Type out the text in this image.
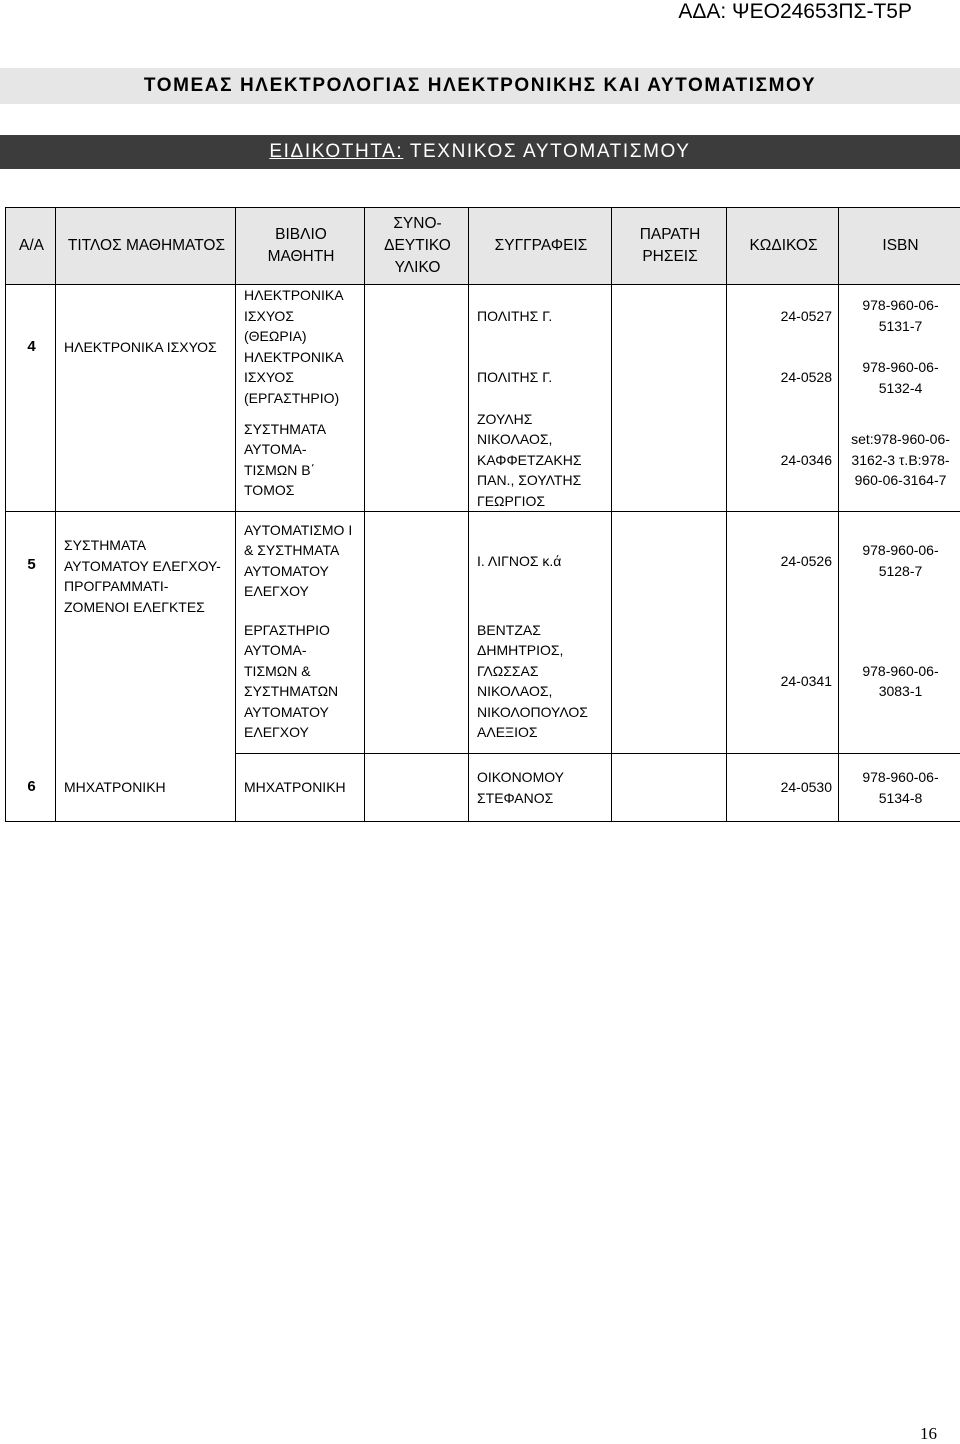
ΑΔΑ: ΨΕΟ24653ΠΣ-Τ5Ρ
ΤΟΜΕΑΣ ΗΛΕΚΤΡΟΛΟΓΙΑΣ ΗΛΕΚΤΡΟΝΙΚΗΣ ΚΑΙ ΑΥΤΟΜΑΤΙΣΜΟΥ
ΕΙΔΙΚΟΤΗΤΑ: ΤΕΧΝΙΚΟΣ ΑΥΤΟΜΑΤΙΣΜΟΥ
Α/Α	ΤΙΤΛΟΣ ΜΑΘΗΜΑΤΟΣ	ΒΙΒΛΙΟ ΜΑΘΗΤΗ	ΣΥΝΟ-ΔΕΥΤΙΚΟ ΥΛΙΚΟ	ΣΥΓΓΡΑΦΕΙΣ	ΠΑΡΑΤΗ ΡΗΣΕΙΣ	ΚΩΔΙΚΟΣ	ISBN
4	ΗΛΕΚΤΡΟΝΙΚΑ ΙΣΧΥΟΣ	ΗΛΕΚΤΡΟΝΙΚΑ ΙΣΧΥΟΣ (ΘΕΩΡΙΑ)		ΠΟΛΙΤΗΣ Γ.		24-0527	978-960-06-5131-7
		ΗΛΕΚΤΡΟΝΙΚΑ ΙΣΧΥΟΣ (ΕΡΓΑΣΤΗΡΙΟ)		ΠΟΛΙΤΗΣ Γ.		24-0528	978-960-06-5132-4
		ΣΥΣΤΗΜΑΤΑ ΑΥΤΟΜΑ-ΤΙΣΜΩΝ Β΄ ΤΟΜΟΣ		ΖΟΥΛΗΣ ΝΙΚΟΛΑΟΣ, ΚΑΦΦΕΤΖΑΚΗΣ ΠΑΝ., ΣΟΥΛΤΗΣ ΓΕΩΡΓΙΟΣ		24-0346	set:978-960-06-3162-3 τ.Β:978-960-06-3164-7
5	ΣΥΣΤΗΜΑΤΑ ΑΥΤΟΜΑΤΟΥ ΕΛΕΓΧΟΥ-ΠΡΟΓΡΑΜΜΑΤΙ-ΖΟΜΕΝΟΙ ΕΛΕΓΚΤΕΣ	ΑΥΤΟΜΑΤΙΣΜΟ Ι & ΣΥΣΤΗΜΑΤΑ ΑΥΤΟΜΑΤΟΥ ΕΛΕΓΧΟΥ		Ι. ΛΙΓΝΟΣ κ.ά		24-0526	978-960-06-5128-7
		ΕΡΓΑΣΤΗΡΙΟ ΑΥΤΟΜΑ-ΤΙΣΜΩΝ & ΣΥΣΤΗΜΑΤΩΝ ΑΥΤΟΜΑΤΟΥ ΕΛΕΓΧΟΥ		ΒΕΝΤΖΑΣ ΔΗΜΗΤΡΙΟΣ, ΓΛΩΣΣΑΣ ΝΙΚΟΛΑΟΣ, ΝΙΚΟΛΟΠΟΥΛΟΣ ΑΛΕΞΙΟΣ		24-0341	978-960-06-3083-1
6	ΜΗΧΑΤΡΟΝΙΚΗ	ΜΗΧΑΤΡΟΝΙΚΗ		ΟΙΚΟΝΟΜΟΥ ΣΤΕΦΑΝΟΣ		24-0530	978-960-06-5134-8
16
